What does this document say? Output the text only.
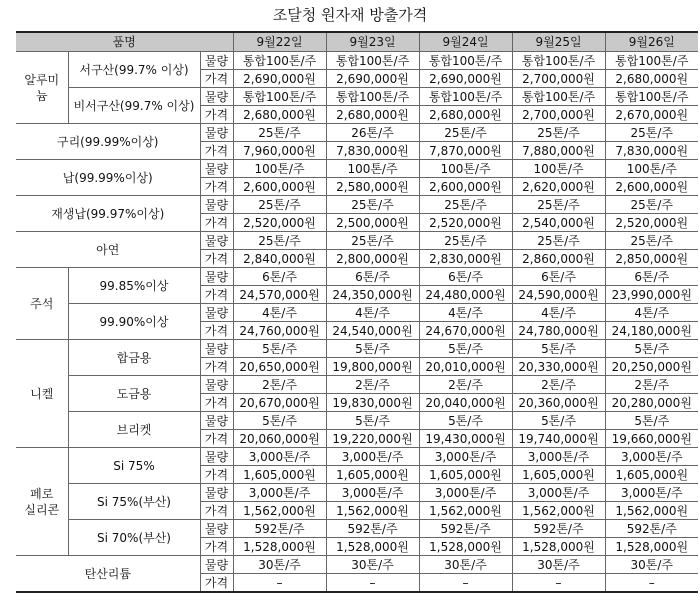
조달청 원자재 방출가격
품명			9월22일	9월23일	9월24일	9월25일	9월26일
알루미늄	서구산(99.7% 이상)	물량	통합100톤/주	통합100톤/주	통합100톤/주	통합100톤/주	통합100톤/주
		가격	2,690,000원	2,690,000원	2,690,000원	2,700,000원	2,680,000원
	비서구산(99.7% 이상)	물량	통합100톤/주	통합100톤/주	통합100톤/주	통합100톤/주	통합100톤/주
		가격	2,680,000원	2,680,000원	2,680,000원	2,700,000원	2,670,000원
구리(99.99%이상)		물량	25톤/주	26톤/주	25톤/주	25톤/주	25톤/주
		가격	7,960,000원	7,830,000원	7,870,000원	7,880,000원	7,830,000원
납(99.99%이상)		물량	100톤/주	100톤/주	100톤/주	100톤/주	100톤/주
		가격	2,600,000원	2,580,000원	2,600,000원	2,620,000원	2,600,000원
재생납(99.97%이상)		물량	25톤/주	25톤/주	25톤/주	25톤/주	25톤/주
		가격	2,520,000원	2,500,000원	2,520,000원	2,540,000원	2,520,000원
아연		물량	25톤/주	25톤/주	25톤/주	25톤/주	25톤/주
		가격	2,840,000원	2,800,000원	2,830,000원	2,860,000원	2,850,000원
주석	99.85%이상	물량	6톤/주	6톤/주	6톤/주	6톤/주	6톤/주
		가격	24,570,000원	24,350,000원	24,480,000원	24,590,000원	23,990,000원
	99.90%이상	물량	4톤/주	4톤/주	4톤/주	4톤/주	4톤/주
		가격	24,760,000원	24,540,000원	24,670,000원	24,780,000원	24,180,000원
니켈	합금용	물량	5톤/주	5톤/주	5톤/주	5톤/주	5톤/주
		가격	20,650,000원	19,800,000원	20,010,000원	20,330,000원	20,250,000원
	도금용	물량	2톤/주	2톤/주	2톤/주	2톤/주	2톤/주
		가격	20,670,000원	19,830,000원	20,040,000원	20,360,000원	20,280,000원
	브리켓	물량	5톤/주	5톤/주	5톤/주	5톤/주	5톤/주
		가격	20,060,000원	19,220,000원	19,430,000원	19,740,000원	19,660,000원
페로
실리콘	Si 75%	물량	3,000톤/주	3,000톤/주	3,000톤/주	3,000톤/주	3,000톤/주
		가격	1,605,000원	1,605,000원	1,605,000원	1,605,000원	1,605,000원
	Si 75%(부산)	물량	3,000톤/주	3,000톤/주	3,000톤/주	3,000톤/주	3,000톤/주
		가격	1,562,000원	1,562,000원	1,562,000원	1,562,000원	1,562,000원
	Si 70%(부산)	물량	592톤/주	592톤/주	592톤/주	592톤/주	592톤/주
		가격	1,528,000원	1,528,000원	1,528,000원	1,528,000원	1,528,000원
탄산리튬		물량	30톤/주	30톤/주	30톤/주	30톤/주	30톤/주
		가격	–	–	–	–	–
